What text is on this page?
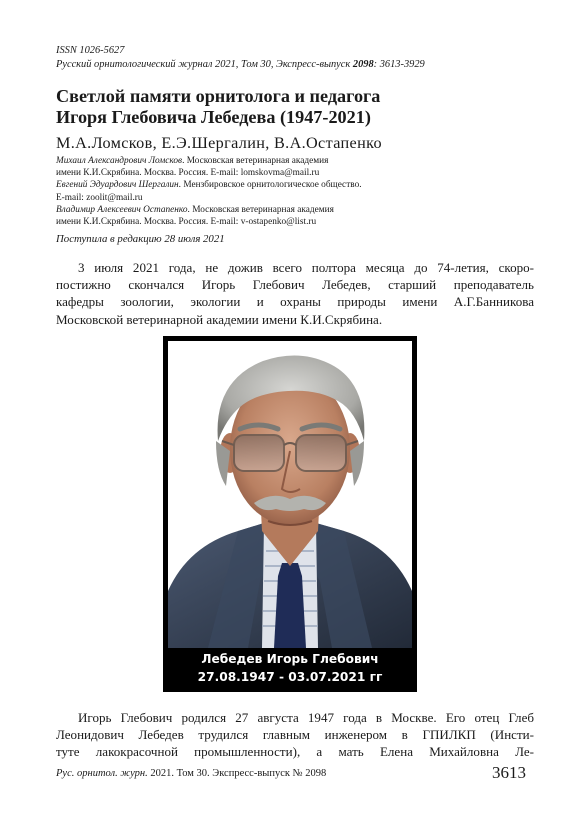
ISSN 1026-5627
Русский орнитологический журнал 2021, Том 30, Экспресс-выпуск 2098: 3613-3929
Светлой памяти орнитолога и педагога
Игоря Глебовича Лебедева (1947-2021)
М.А.Ломсков, Е.Э.Шергалин, В.А.Остапенко
Михаил Александрович Ломсков. Московская ветеринарная академия
имени К.И.Скрябина. Москва. Россия. E-mail: lomskovma@mail.ru
Евгений Эдуардович Шергалин. Мензбировское орнитологическое общество.
E-mail: zoolit@mail.ru
Владимир Алексеевич Остапенко. Московская ветеринарная академия
имени К.И.Скрябина. Москва. Россия. E-mail: v-ostapenko@list.ru
Поступила в редакцию 28 июля 2021

3 июля 2021 года, не дожив всего полтора месяца до 74-летия, скоро-
постижно скончался Игорь Глебович Лебедев, старший преподаватель
кафедры зоологии, экологии и охраны природы имени А.Г.Банникова
Московской ветеринарной академии имени К.И.Скрябина.

Лебедев Игорь Глебович
27.08.1947 - 03.07.2021 гг

Игорь Глебович родился 27 августа 1947 года в Москве. Его отец Глеб
Леонидович Лебедев трудился главным инженером в ГПИЛКП (Инсти-
туте лакокрасочной промышленности), а мать Елена Михайловна Ле-

Рус. орнитол. журн. 2021. Том 30. Экспресс-выпуск № 2098	3613
